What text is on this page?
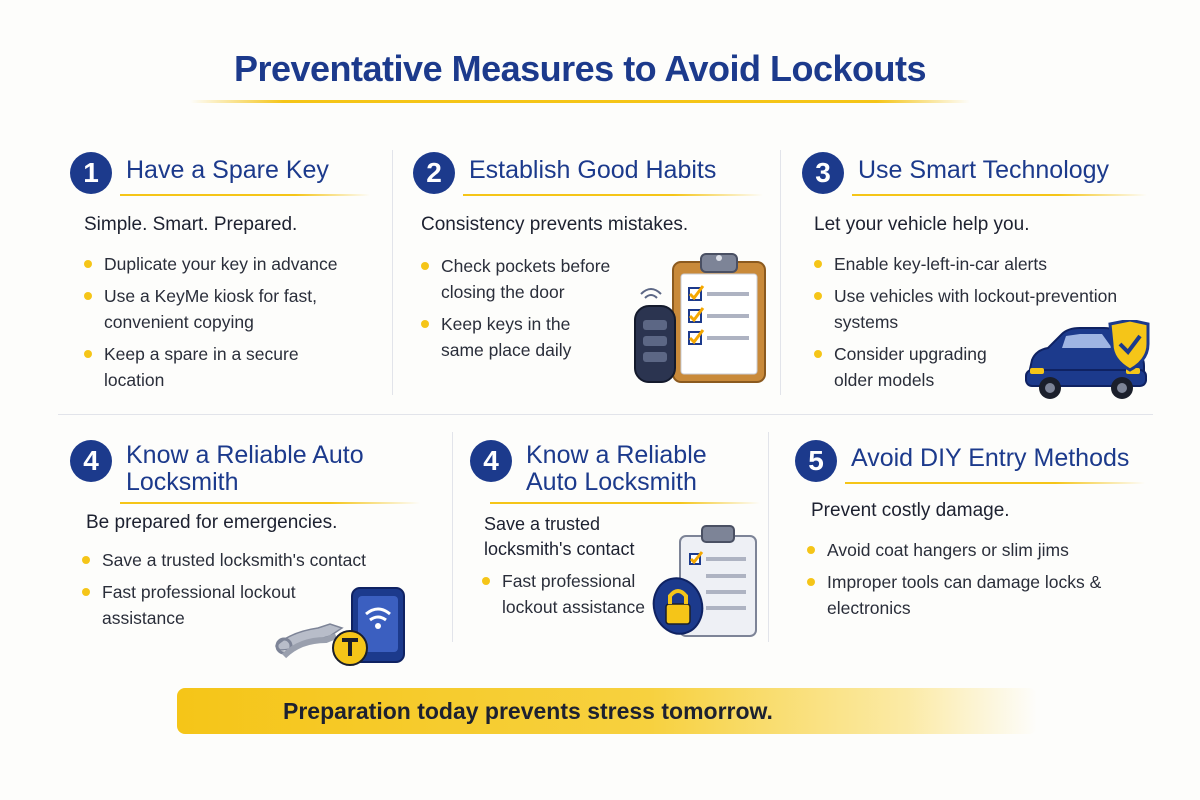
Preventative Measures to Avoid Lockouts
1	Have a Spare Key
Simple. Smart. Prepared.
Duplicate your key in advance
Use a KeyMe kiosk for fast, convenient copying
Keep a spare in a secure location
2	Establish Good Habits
Consistency prevents mistakes.
Check pockets before closing the door
Keep keys in the same place daily
3	Use Smart Technology
Let your vehicle help you.
Enable key-left-in-car alerts
Use vehicles with lockout-prevention systems
Consider upgrading older models
4	Know a Reliable Auto Locksmith
Be prepared for emergencies.
Save a trusted locksmith's contact
Fast professional lockout assistance
4	Know a Reliable Auto Locksmith
Save a trusted locksmith's contact
Fast professional lockout assistance
5	Avoid DIY Entry Methods
Prevent costly damage.
Avoid coat hangers or slim jims
Improper tools can damage locks & electronics
Preparation today prevents stress tomorrow.
